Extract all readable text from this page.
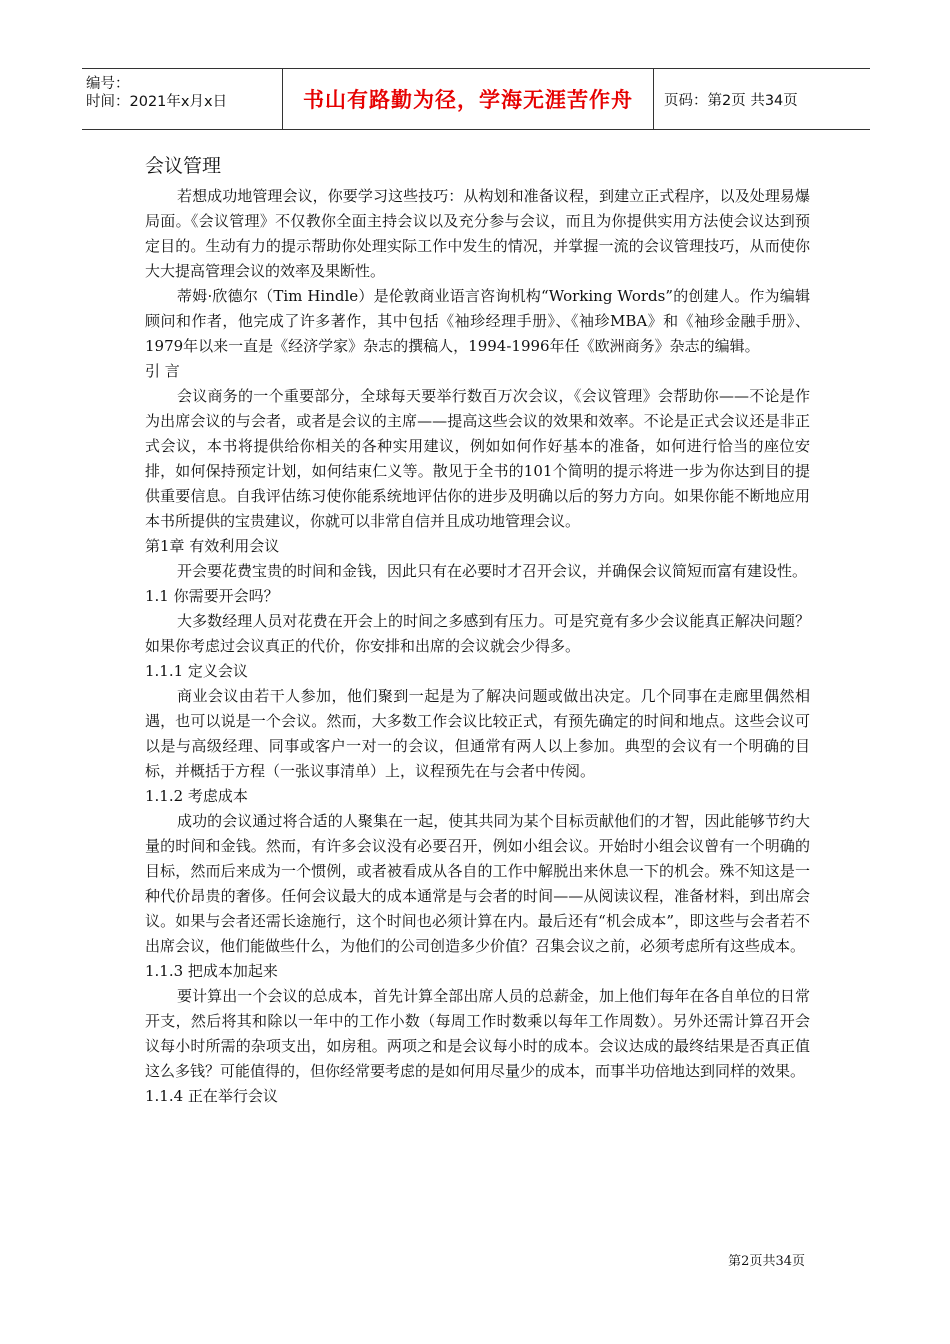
编号：
时间：2021年x月x日	书山有路勤为径，学海无涯苦作舟	页码：第2页 共34页
会议管理

若想成功地管理会议，你要学习这些技巧：从构划和准备议程，到建立正式程序，以及处理易爆局面。《会议管理》不仅教你全面主持会议以及充分参与会议，而且为你提供实用方法使会议达到预定目的。生动有力的提示帮助你处理实际工作中发生的情况，并掌握一流的会议管理技巧，从而使你大大提高管理会议的效率及果断性。

蒂姆·欣德尔（Tim Hindle）是伦敦商业语言咨询机构“Working Words”的创建人。作为编辑顾问和作者，他完成了许多著作，其中包括《袖珍经理手册》、《袖珍MBA》和《袖珍金融手册》、1979年以来一直是《经济学家》杂志的撰稿人，1994-1996年任《欧洲商务》杂志的编辑。

引 言

会议商务的一个重要部分，全球每天要举行数百万次会议，《会议管理》会帮助你——不论是作为出席会议的与会者，或者是会议的主席——提高这些会议的效果和效率。不论是正式会议还是非正式会议，本书将提供给你相关的各种实用建议，例如如何作好基本的准备，如何进行恰当的座位安排，如何保持预定计划，如何结束仁义等。散见于全书的101个简明的提示将进一步为你达到目的提供重要信息。自我评估练习使你能系统地评估你的进步及明确以后的努力方向。如果你能不断地应用本书所提供的宝贵建议，你就可以非常自信并且成功地管理会议。

第1章 有效利用会议

开会要花费宝贵的时间和金钱，因此只有在必要时才召开会议，并确保会议简短而富有建设性。

1.1 你需要开会吗？

大多数经理人员对花费在开会上的时间之多感到有压力。可是究竟有多少会议能真正解决问题？如果你考虑过会议真正的代价，你安排和出席的会议就会少得多。

1.1.1 定义会议

商业会议由若干人参加，他们聚到一起是为了解决问题或做出决定。几个同事在走廊里偶然相遇，也可以说是一个会议。然而，大多数工作会议比较正式，有预先确定的时间和地点。这些会议可以是与高级经理、同事或客户一对一的会议，但通常有两人以上参加。典型的会议有一个明确的目标，并概括于方程（一张议事清单）上，议程预先在与会者中传阅。

1.1.2 考虑成本

成功的会议通过将合适的人聚集在一起，使其共同为某个目标贡献他们的才智，因此能够节约大量的时间和金钱。然而，有许多会议没有必要召开，例如小组会议。开始时小组会议曾有一个明确的目标，然而后来成为一个惯例，或者被看成从各自的工作中解脱出来休息一下的机会。殊不知这是一种代价昂贵的奢侈。任何会议最大的成本通常是与会者的时间——从阅读议程，准备材料，到出席会议。如果与会者还需长途施行，这个时间也必须计算在内。最后还有“机会成本”，即这些与会者若不出席会议，他们能做些什么，为他们的公司创造多少价值？召集会议之前，必须考虑所有这些成本。

1.1.3 把成本加起来

要计算出一个会议的总成本，首先计算全部出席人员的总薪金，加上他们每年在各自单位的日常开支，然后将其和除以一年中的工作小数（每周工作时数乘以每年工作周数）。另外还需计算召开会议每小时所需的杂项支出，如房租。两项之和是会议每小时的成本。会议达成的最终结果是否真正值这么多钱？可能值得的，但你经常要考虑的是如何用尽量少的成本，而事半功倍地达到同样的效果。

1.1.4 正在举行会议
第2页共34页
